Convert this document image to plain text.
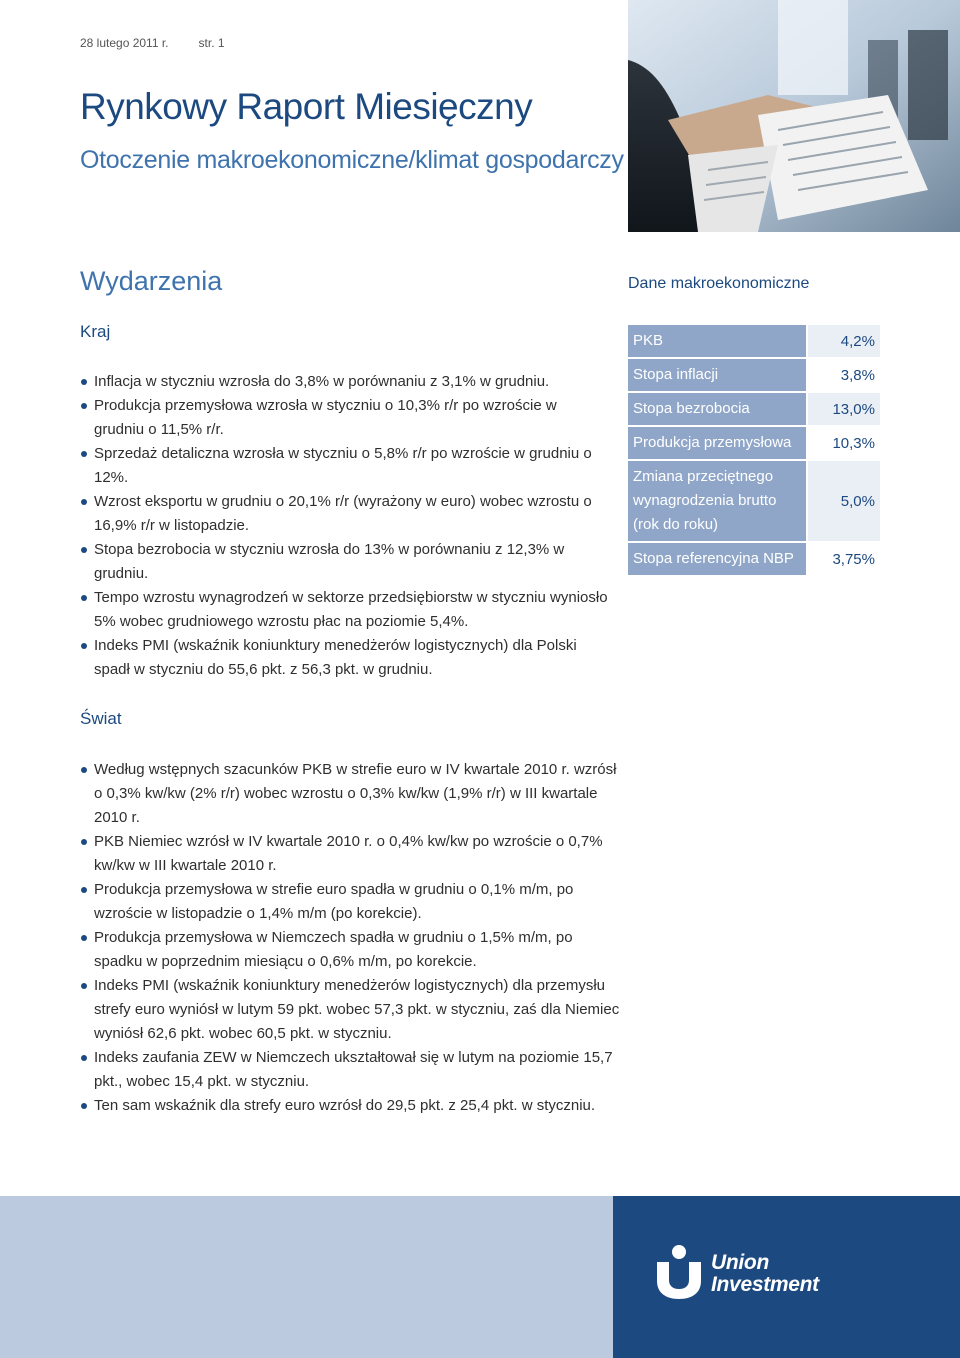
28 lutego 2011 r.	str. 1
Rynkowy Raport Miesięczny
Otoczenie makroekonomiczne/klimat gospodarczy
Wydarzenia	Dane makroekonomiczne
Kraj
Inflacja w styczniu wzrosła do 3,8% w porównaniu z 3,1% w grudniu.
Produkcja przemysłowa wzrosła w styczniu o 10,3% r/r po wzroście w grudniu o 11,5% r/r.
Sprzedaż detaliczna wzrosła w styczniu o 5,8% r/r po wzroście w grudniu o 12%.
Wzrost eksportu w grudniu o 20,1% r/r (wyrażony w euro) wobec wzrostu o 16,9% r/r w listopadzie.
Stopa bezrobocia w styczniu wzrosła do 13% w porównaniu z 12,3% w grudniu.
Tempo wzrostu wynagrodzeń w sektorze przedsiębiorstw w styczniu wyniosło 5% wobec grudniowego wzrostu płac na poziomie 5,4%.
Indeks PMI (wskaźnik koniunktury menedżerów logistycznych) dla Polski spadł w styczniu do 55,6 pkt. z 56,3 pkt. w grudniu.
Świat
Według wstępnych szacunków PKB w strefie euro w IV kwartale 2010 r. wzrósł o 0,3% kw/kw (2% r/r) wobec wzrostu o 0,3% kw/kw (1,9% r/r) w III kwartale 2010 r.
PKB Niemiec wzrósł w IV kwartale 2010 r. o 0,4% kw/kw po wzroście o 0,7% kw/kw w III kwartale 2010 r.
Produkcja przemysłowa w strefie euro spadła w grudniu o 0,1% m/m, po wzroście w listopadzie o 1,4% m/m (po korekcie).
Produkcja przemysłowa w Niemczech spadła w grudniu o 1,5% m/m, po spadku w poprzednim miesiącu o 0,6% m/m, po korekcie.
Indeks PMI (wskaźnik koniunktury menedżerów logistycznych) dla przemysłu strefy euro wyniósł w lutym 59 pkt. wobec 57,3 pkt. w styczniu, zaś dla Niemiec wyniósł 62,6 pkt. wobec 60,5 pkt. w styczniu.
Indeks zaufania ZEW w Niemczech ukształtował się w lutym na poziomie 15,7 pkt., wobec 15,4 pkt. w styczniu.
Ten sam wskaźnik dla strefy euro wzrósł do 29,5 pkt. z 25,4 pkt. w styczniu.
PKB	4,2%
Stopa inflacji	3,8%
Stopa bezrobocia	13,0%
Produkcja przemysłowa	10,3%
Zmiana przeciętnego wynagrodzenia brutto (rok do roku)	5,0%
Stopa referencyjna NBP	3,75%
Union
Investment
